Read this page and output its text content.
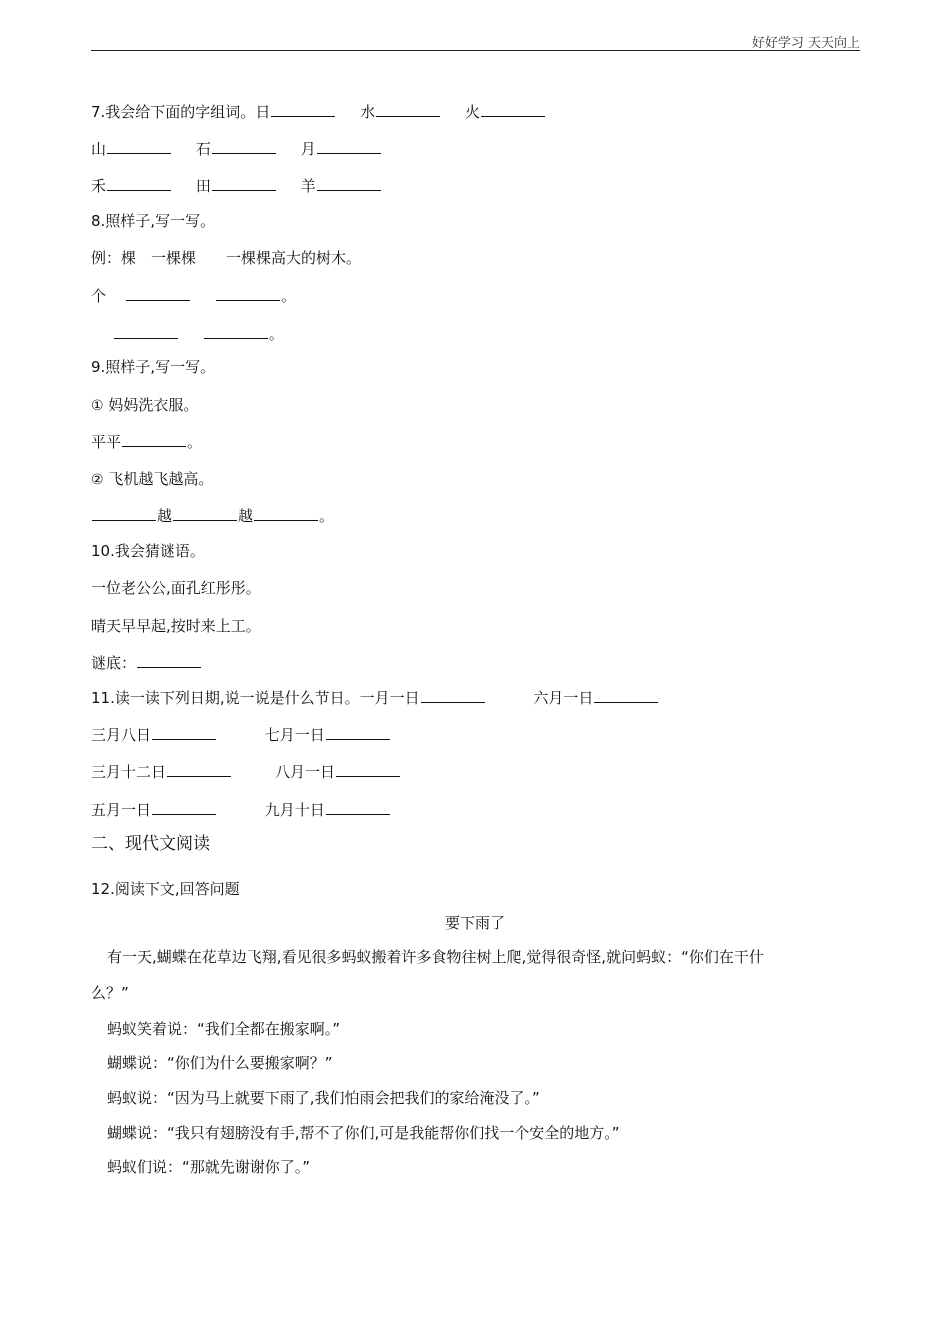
好好学习 天天向上
7.我会给下面的字组词。日	水	火
山	石	月
禾	田	羊
8.照样子,写一写。
例：棵　一棵棵　　一棵棵高大的树木。
个	。
。
9.照样子,写一写。
① 妈妈洗衣服。
平平	。
② 飞机越飞越高。
越	越	。
10.我会猜谜语。
一位老公公,面孔红彤彤。
晴天早早起,按时来上工。
谜底：
11.读一读下列日期,说一说是什么节日。一月一日	六月一日
三月八日	七月一日
三月十二日	八月一日
五月一日	九月十日
二、现代文阅读
12.阅读下文,回答问题
要下雨了
有一天,蝴蝶在花草边飞翔,看见很多蚂蚁搬着许多食物往树上爬,觉得很奇怪,就问蚂蚁：“你们在干什
么？”
蚂蚁笑着说：“我们全都在搬家啊。”
蝴蝶说：“你们为什么要搬家啊？”
蚂蚁说：“因为马上就要下雨了,我们怕雨会把我们的家给淹没了。”
蝴蝶说：“我只有翅膀没有手,帮不了你们,可是我能帮你们找一个安全的地方。”
蚂蚁们说：“那就先谢谢你了。”
